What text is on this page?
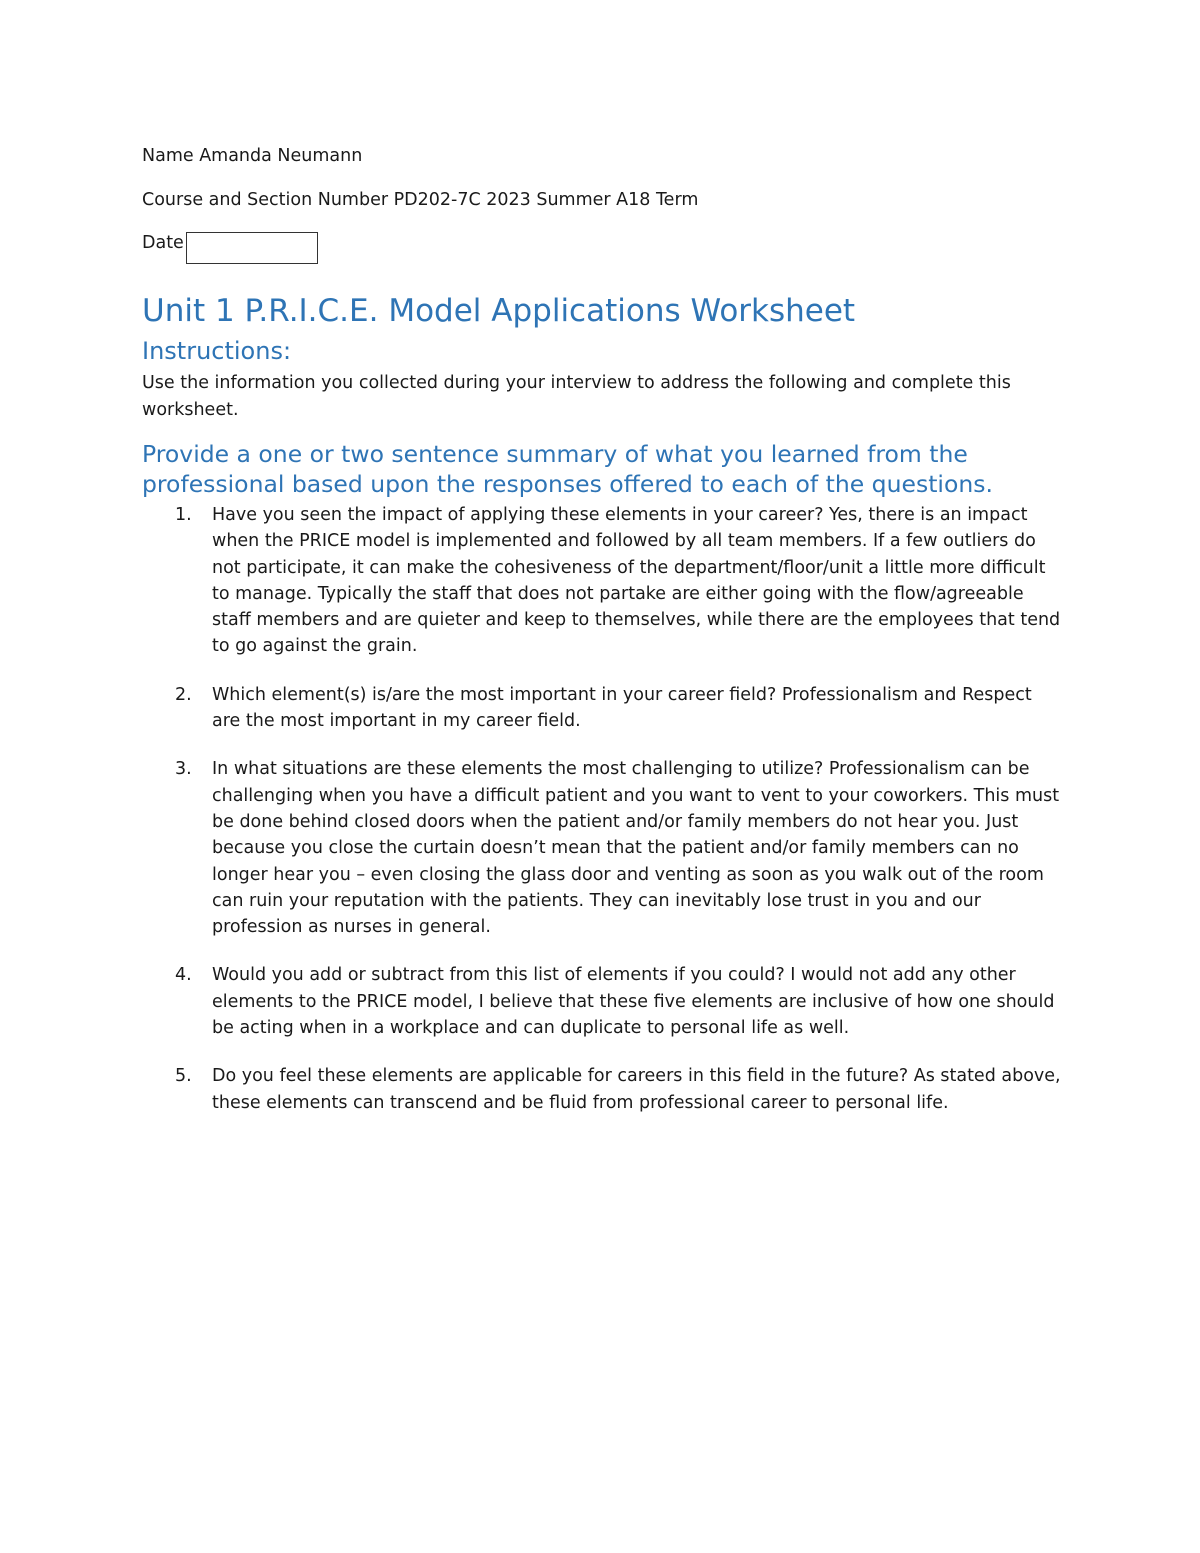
Name Amanda Neumann
Course and Section Number PD202-7C 2023 Summer A18 Term
Date
Unit 1 P.R.I.C.E. Model Applications Worksheet
Instructions:
Use the information you collected during your interview to address the following and complete this worksheet.
Provide a one or two sentence summary of what you learned from the professional based upon the responses offered to each of the questions.
1.	Have you seen the impact of applying these elements in your career? Yes, there is an impact when the PRICE model is implemented and followed by all team members. If a few outliers do not participate, it can make the cohesiveness of the department/floor/unit a little more difficult to manage. Typically the staff that does not partake are either going with the flow/agreeable staff members and are quieter and keep to themselves, while there are the employees that tend to go against the grain.
2.	Which element(s) is/are the most important in your career field? Professionalism and Respect are the most important in my career field.
3.	In what situations are these elements the most challenging to utilize? Professionalism can be challenging when you have a difficult patient and you want to vent to your coworkers. This must be done behind closed doors when the patient and/or family members do not hear you. Just because you close the curtain doesn’t mean that the patient and/or family members can no longer hear you – even closing the glass door and venting as soon as you walk out of the room can ruin your reputation with the patients. They can inevitably lose trust in you and our profession as nurses in general.
4.	Would you add or subtract from this list of elements if you could? I would not add any other elements to the PRICE model, I believe that these five elements are inclusive of how one should be acting when in a workplace and can duplicate to personal life as well.
5.	Do you feel these elements are applicable for careers in this field in the future? As stated above, these elements can transcend and be fluid from professional career to personal life.
